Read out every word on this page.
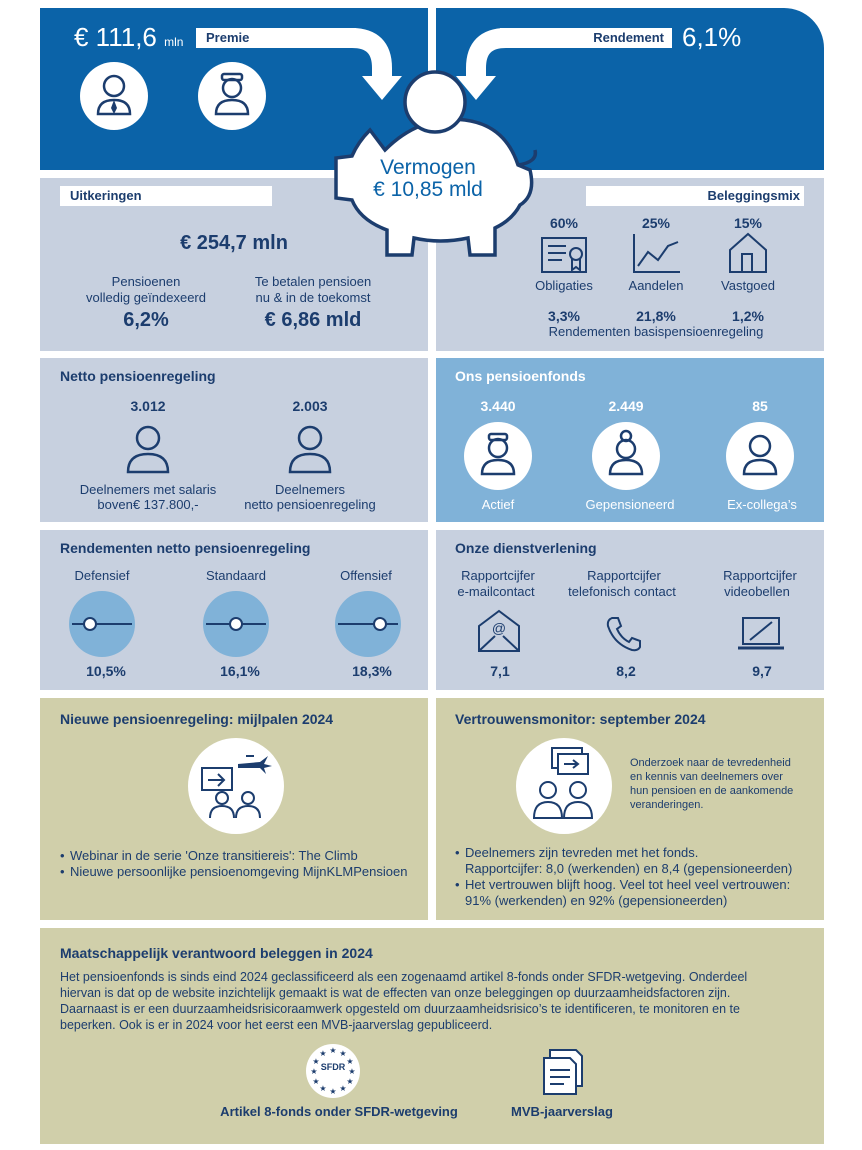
€ 111,6 mln	Premie	Rendement 6,1%
Vermogen
€ 10,85 mld
Uitkeringen
€ 254,7 mln
Pensioenen
volledig geïndexeerd
6,2%
Te betalen pensioen
nu & in de toekomst
€ 6,86 mld
Beleggingsmix
60%	25%	15%
Obligaties	Aandelen	Vastgoed
3,3%	21,8%	1,2%
Rendementen basispensioenregeling
Netto pensioenregeling
3.012	2.003
Deelnemers met salaris
boven€ 137.800,-
Deelnemers
netto pensioenregeling
Ons pensioenfonds
3.440	2.449	85
Actief	Gepensioneerd	Ex-collega’s
Rendementen netto pensioenregeling
Defensief	Standaard	Offensief
10,5%	16,1%	18,3%
Onze dienstverlening
Rapportcijfer
e-mailcontact
Rapportcijfer
telefonisch contact
Rapportcijfer
videobellen
@
7,1	8,2	9,7
Nieuwe pensioenregeling: mijlpalen 2024
• Webinar in de serie 'Onze transitiereis': The Climb
• Nieuwe persoonlijke pensioenomgeving MijnKLMPensioen
Vertrouwensmonitor: september 2024
Onderzoek naar de tevredenheid
en kennis van deelnemers over
hun pensioen en de aankomende
veranderingen.
• Deelnemers zijn tevreden met het fonds.
Rapportcijfer: 8,0 (werkenden) en 8,4 (gepensioneerden)
• Het vertrouwen blijft hoog. Veel tot heel veel vertrouwen:
91% (werkenden) en 92% (gepensioneerden)
Maatschappelijk verantwoord beleggen in 2024

Het pensioenfonds is sinds eind 2024 geclassificeerd als een zogenaamd artikel 8-fonds onder SFDR-wetgeving. Onderdeel
hiervan is dat op de website inzichtelijk gemaakt is wat de effecten van onze beleggingen op duurzaamheidsfactoren zijn.
Daarnaast is er een duurzaamheidsrisicoraamwerk opgesteld om duurzaamheidsrisico’s te identificeren, te monitoren en te
beperken. Ook is er in 2024 voor het eerst een MVB-jaarverslag gepubliceerd.

★ ★
★
★
★
★
★
★
★
★
★
★
SFDR
Artikel 8-fonds onder SFDR-wetgeving	MVB-jaarverslag
